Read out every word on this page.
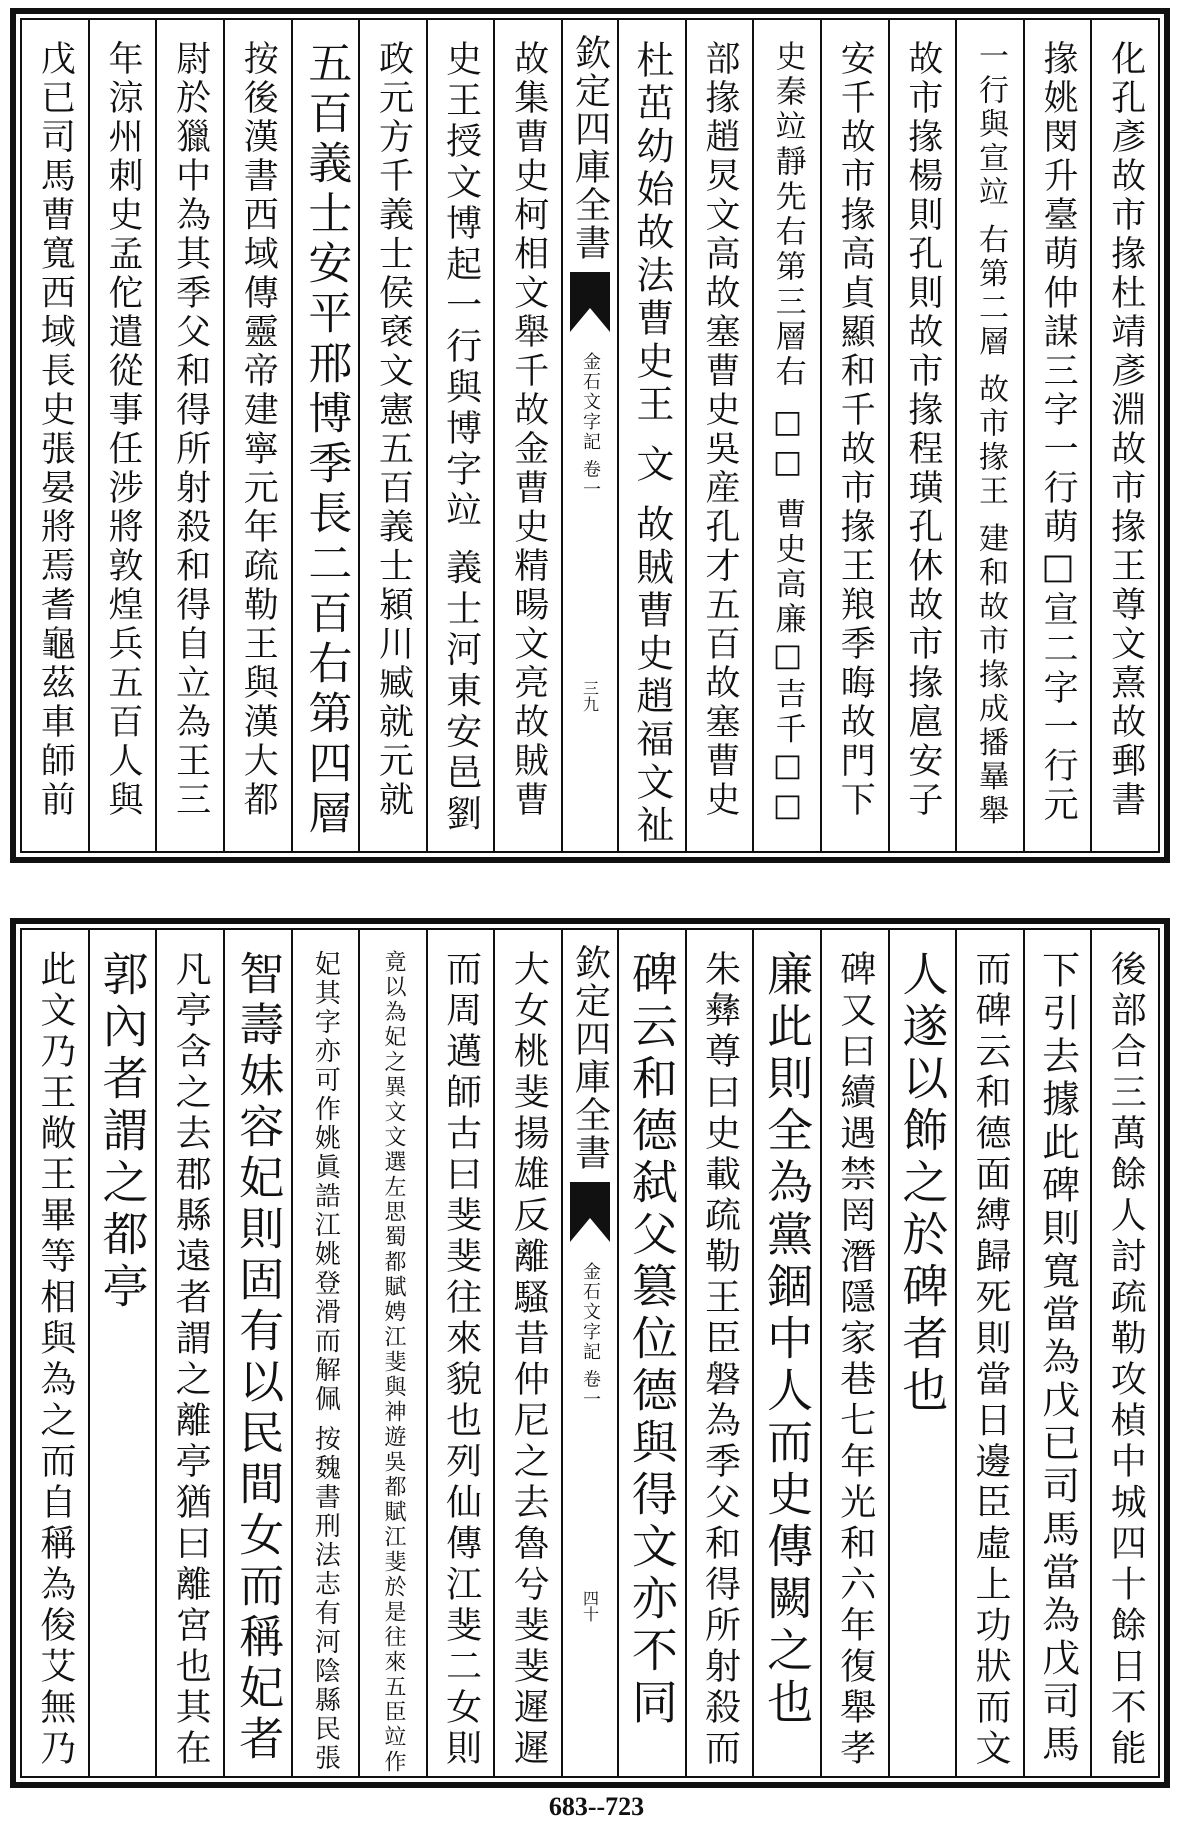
化孔彥故市掾杜靖彥淵故市掾王尊文熹故郵書
掾姚閔升臺萌仲謀三字一行萌□宣二字一行元
一行與宣竝 右第二層 故市掾王 建和故市掾成播曅舉
故市掾楊則孔則故市掾程璜孔休故市掾扈安子
安千故市掾高貞顯和千故市掾王羪季晦故門下
史秦竝靜先右第三層右 □□ 曹史高廉□吉千□□
部掾趙炅文高故塞曹史吳産孔才五百故塞曹史
杜茁幼始故法曹史王 文 故賊曹史趙福文祉
欽定四庫全書
金石文字記 卷一
三九
故集曹史柯相文舉千故金曹史精暘文亮故賊曹
史王授文博起一行與博字竝 義士河東安邑劉
政元方千義士侯褎文憲五百義士潁川臧就元就
五百義士安平邢博季長二百右第四層
按後漢書西域傳靈帝建寧元年疏勒王與漢大都
尉於獵中為其季父和得所射殺和得自立為王三
年涼州刺史孟佗遣從事任涉將敦煌兵五百人與
戊已司馬曹寬西域長史張晏將焉耆龜茲車師前
後部合三萬餘人討疏勒攻楨中城四十餘日不能
下引去據此碑則寬當為戊已司馬當為戊司馬
而碑云和德面縛歸死則當日邊臣虛上功狀而文
人遂以飾之於碑者也
碑又曰續遇禁罔潛隱家巷七年光和六年復舉孝
廉此則全為黨錮中人而史傳闕之也
朱彝尊曰史載疏勒王臣磐為季父和得所射殺而
碑云和德弑父篡位德與得文亦不同
欽定四庫全書
金石文字記 卷一
四十
大女桃斐揚雄反離騷昔仲尼之去魯兮斐斐遲遲
而周邁師古曰斐斐往來貌也列仙傳江斐二女則
竟以為妃之異文文選左思蜀都賦娉江斐與神遊吳都賦江斐於是往來五臣竝作
妃其字亦可作姚眞誥江姚登滑而解佩 按魏書刑法志有河陰縣民張
智壽妹容妃則固有以民間女而稱妃者
凡亭含之去郡縣遠者謂之離亭猶曰離宮也其在
郭內者謂之都亭
此文乃王敞王畢等相與為之而自稱為俊艾無乃
683--723
